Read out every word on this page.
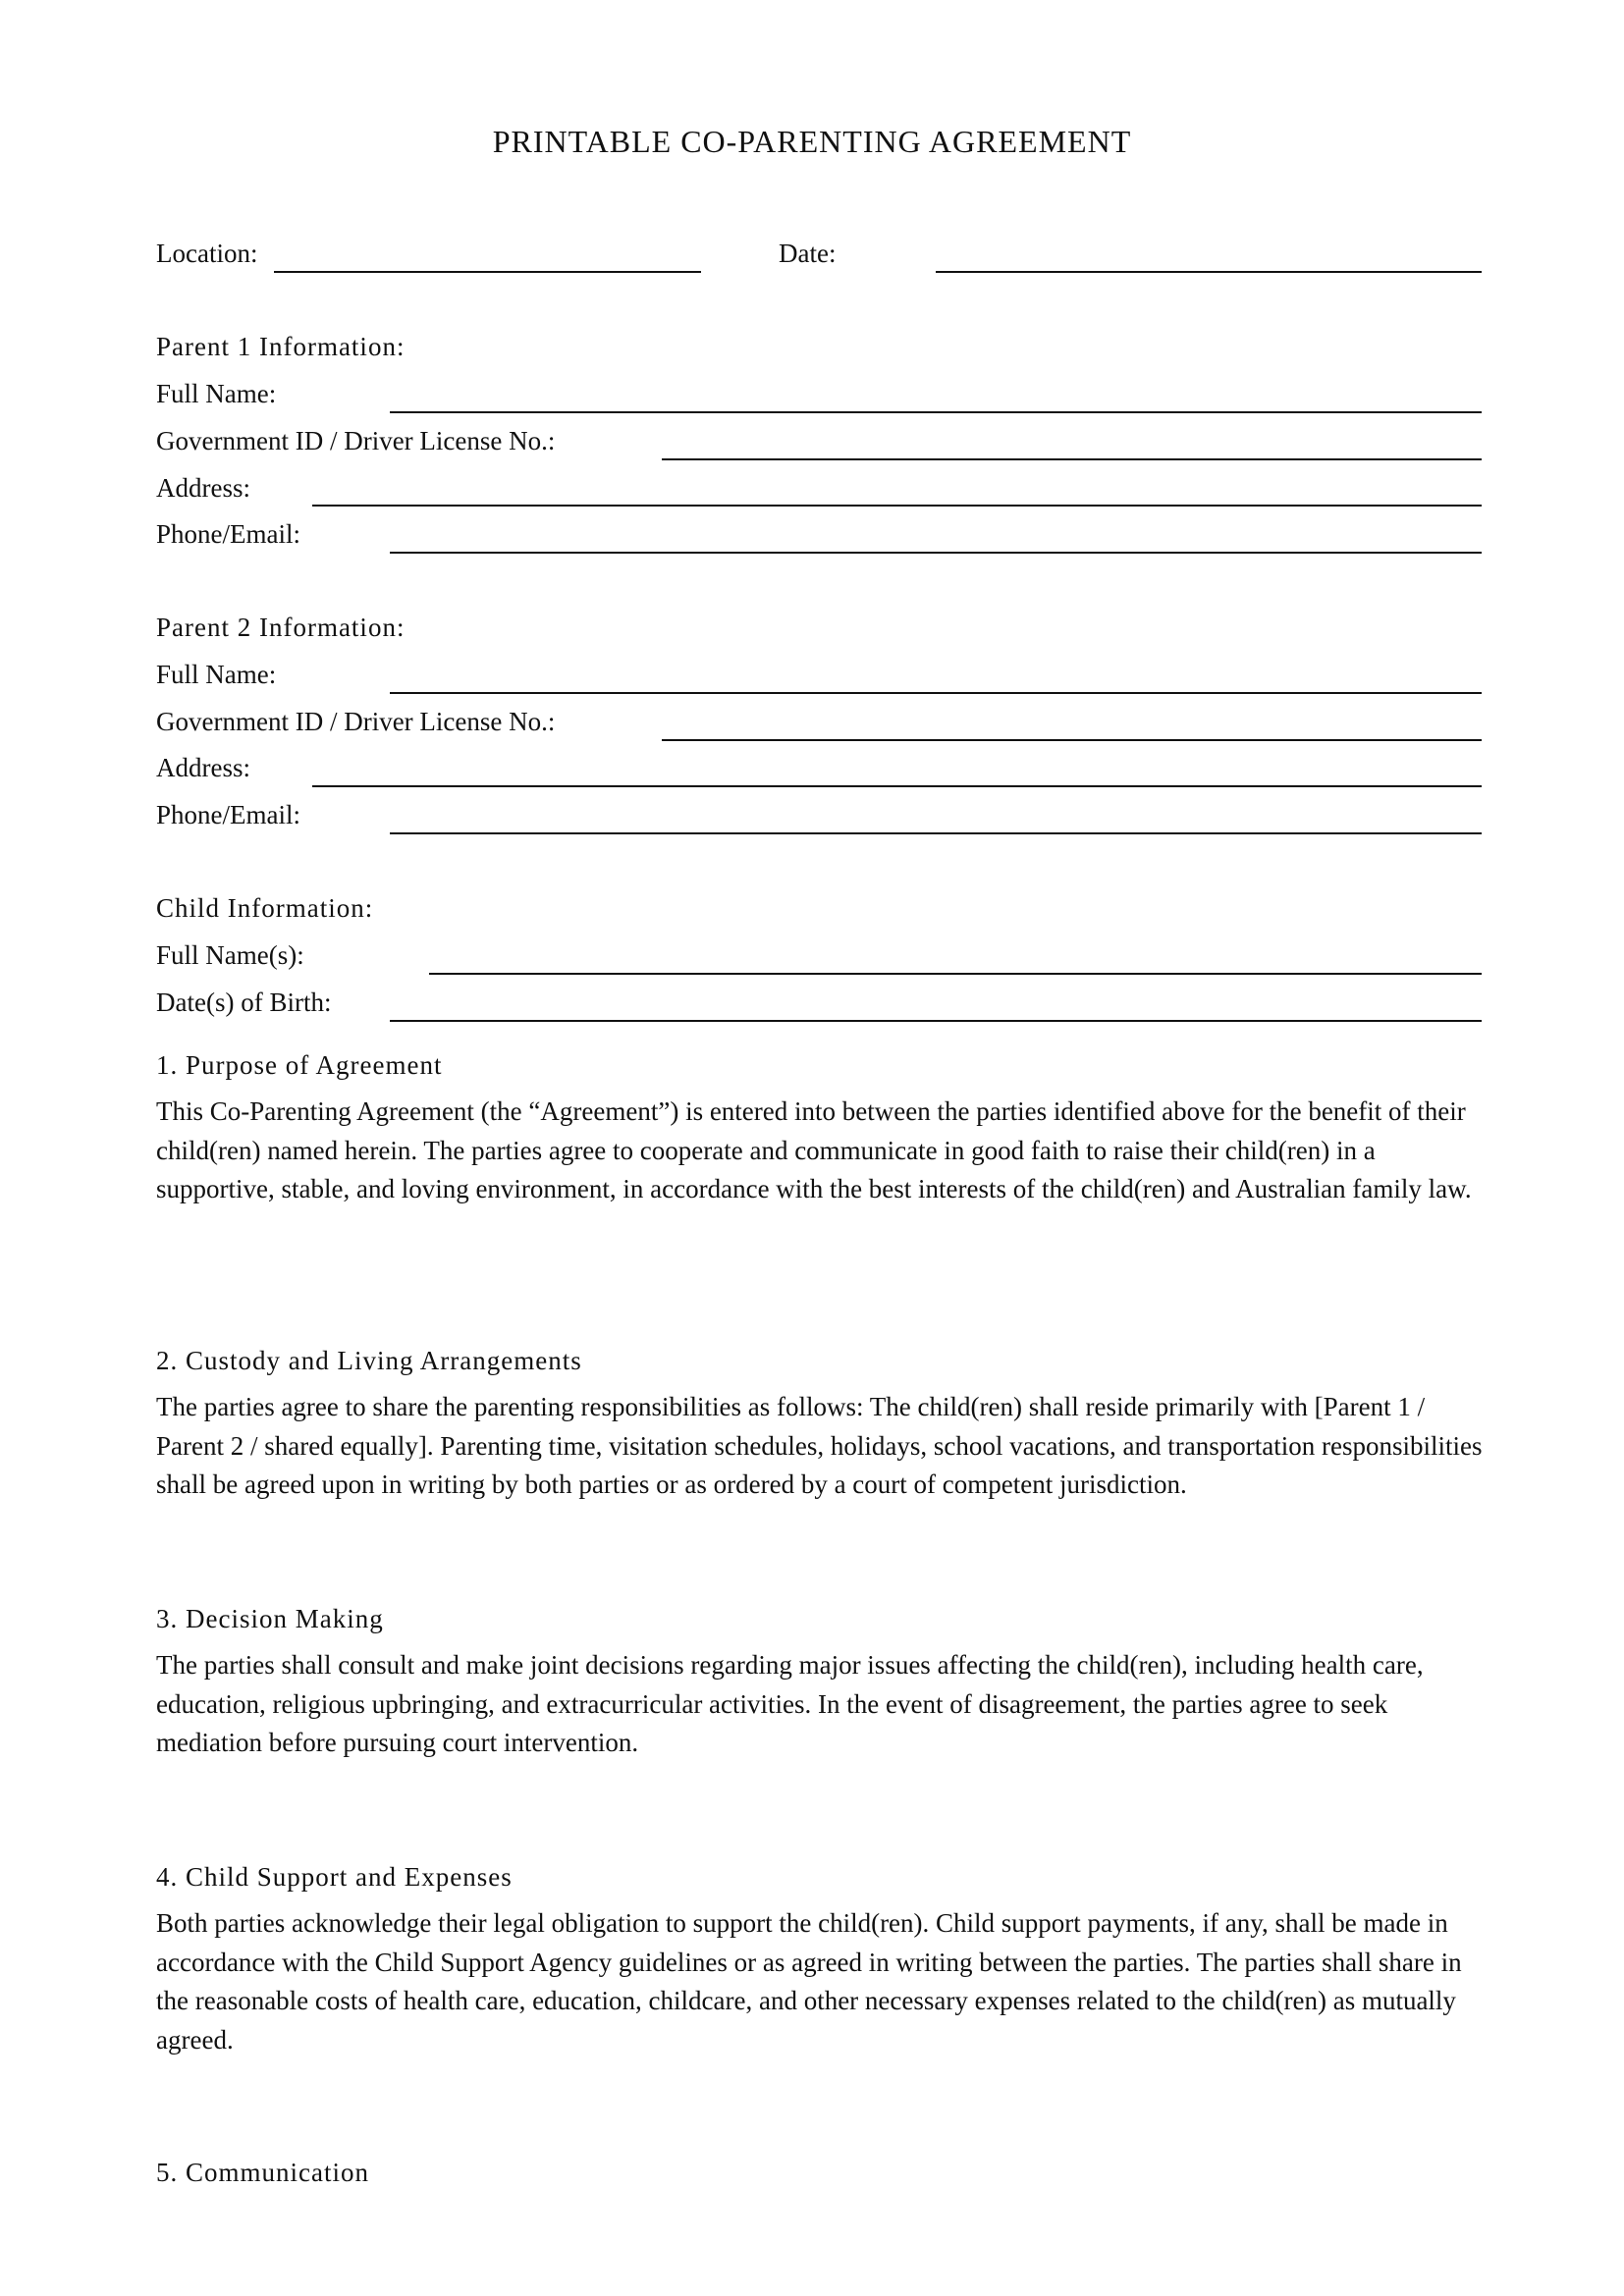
PRINTABLE CO-PARENTING AGREEMENT
Location:	Date:
Parent 1 Information:
Full Name:
Government ID / Driver License No.:
Address:
Phone/Email:
Parent 2 Information:
Full Name:
Government ID / Driver License No.:
Address:
Phone/Email:
Child Information:
Full Name(s):
Date(s) of Birth:
1. Purpose of Agreement
This Co-Parenting Agreement (the “Agreement”) is entered into between the parties identified above for the benefit of their child(ren) named herein. The parties agree to cooperate and communicate in good faith to raise their child(ren) in a supportive, stable, and loving environment, in accordance with the best interests of the child(ren) and Australian family law.
2. Custody and Living Arrangements
The parties agree to share the parenting responsibilities as follows: The child(ren) shall reside primarily with [Parent 1 / Parent 2 / shared equally]. Parenting time, visitation schedules, holidays, school vacations, and transportation responsibilities shall be agreed upon in writing by both parties or as ordered by a court of competent jurisdiction.
3. Decision Making
The parties shall consult and make joint decisions regarding major issues affecting the child(ren), including health care, education, religious upbringing, and extracurricular activities. In the event of disagreement, the parties agree to seek mediation before pursuing court intervention.
4. Child Support and Expenses
Both parties acknowledge their legal obligation to support the child(ren). Child support payments, if any, shall be made in accordance with the Child Support Agency guidelines or as agreed in writing between the parties. The parties shall share in the reasonable costs of health care, education, childcare, and other necessary expenses related to the child(ren) as mutually agreed.
5. Communication
